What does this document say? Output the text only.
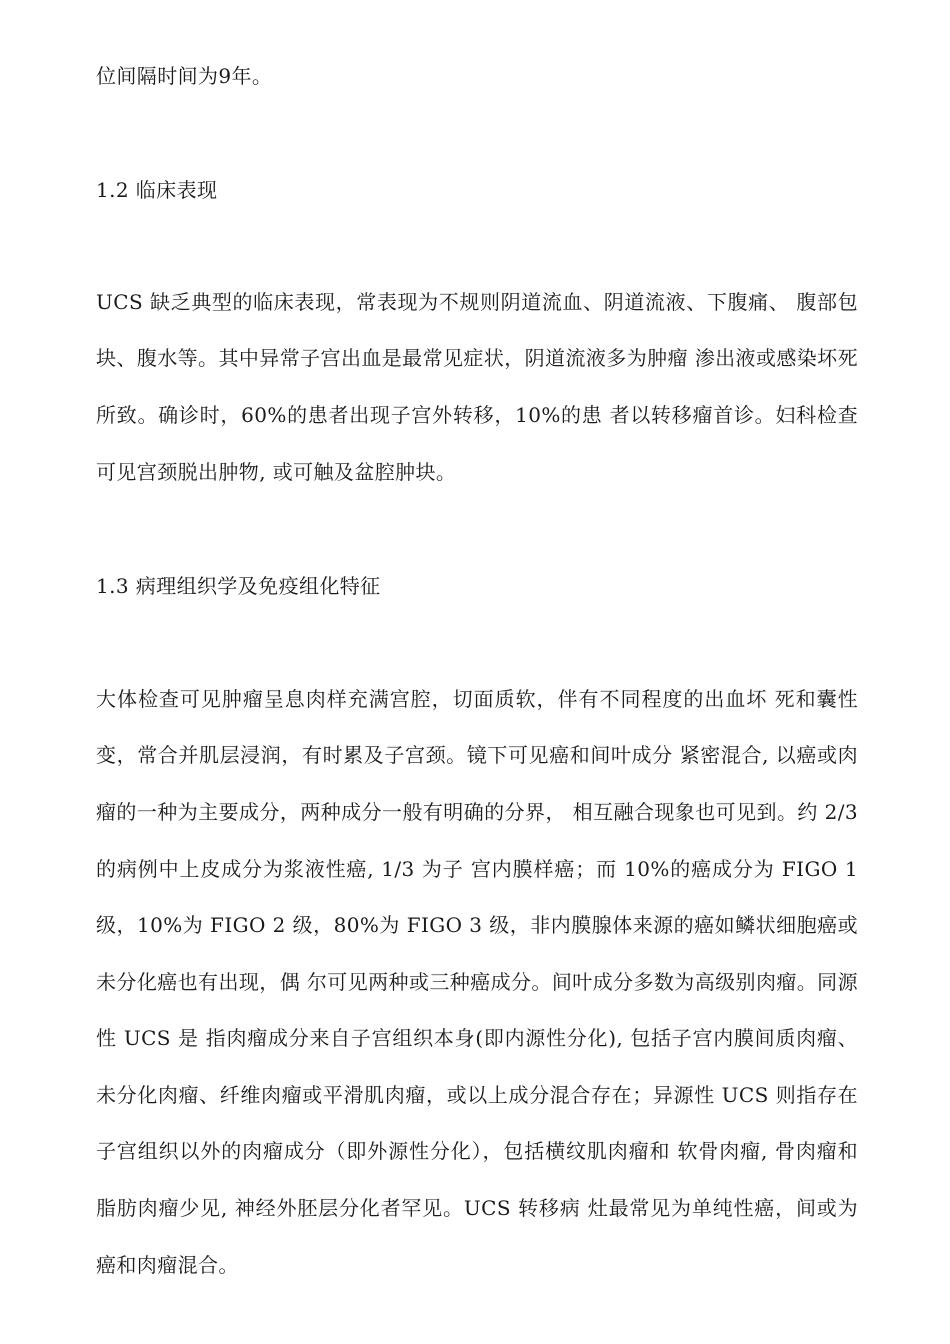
位间隔时间为9年。
1.2 临床表现
UCS 缺乏典型的临床表现，常表现为不规则阴道流血、阴道流液、下腹痛、 腹部包
块、腹水等。其中异常子宫出血是最常见症状，阴道流液多为肿瘤 渗出液或感染坏死
所致。确诊时，60%的患者出现子宫外转移，10%的患 者以转移瘤首诊。妇科检查
可见宫颈脱出肿物, 或可触及盆腔肿块。
1.3 病理组织学及免疫组化特征
大体检查可见肿瘤呈息肉样充满宫腔，切面质软，伴有不同程度的出血坏 死和囊性
变，常合并肌层浸润，有时累及子宫颈。镜下可见癌和间叶成分 紧密混合, 以癌或肉
瘤的一种为主要成分，两种成分一般有明确的分界， 相互融合现象也可见到。约 2/3
的病例中上皮成分为浆液性癌, 1/3 为子 宫内膜样癌；而 10%的癌成分为 FIGO 1
级，10%为 FIGO 2 级，80%为 FIGO 3 级，非内膜腺体来源的癌如鳞状细胞癌或
未分化癌也有出现，偶 尔可见两种或三种癌成分。间叶成分多数为高级别肉瘤。同源
性 UCS 是 指肉瘤成分来自子宫组织本身(即内源性分化), 包括子宫内膜间质肉瘤、
未分化肉瘤、纤维肉瘤或平滑肌肉瘤，或以上成分混合存在；异源性 UCS 则指存在
子宫组织以外的肉瘤成分（即外源性分化），包括横纹肌肉瘤和 软骨肉瘤, 骨肉瘤和
脂肪肉瘤少见, 神经外胚层分化者罕见。UCS 转移病 灶最常见为单纯性癌，间或为
癌和肉瘤混合。
